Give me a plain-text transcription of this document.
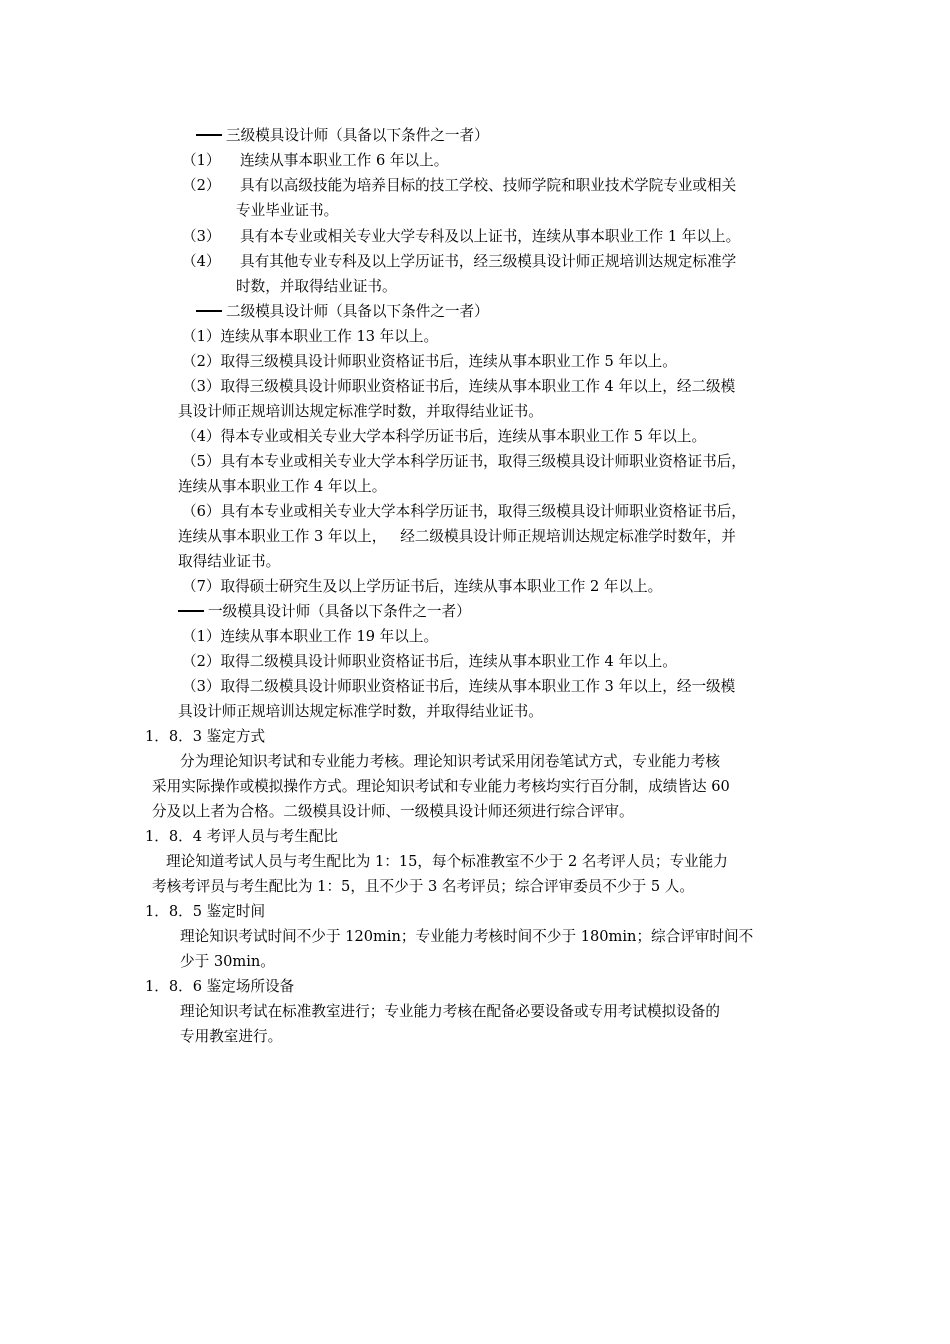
三级模具设计师（具备以下条件之一者）
（1）	连续从事本职业工作 6 年以上。
（2）	具有以高级技能为培养目标的技工学校、技师学院和职业技术学院专业或相关
专业毕业证书。
（3）	具有本专业或相关专业大学专科及以上证书，连续从事本职业工作 1 年以上。
（4）	具有其他专业专科及以上学历证书，经三级模具设计师正规培训达规定标准学
时数，并取得结业证书。
二级模具设计师（具备以下条件之一者）
（1）连续从事本职业工作 13 年以上。
（2）取得三级模具设计师职业资格证书后，连续从事本职业工作 5 年以上。
（3）取得三级模具设计师职业资格证书后，连续从事本职业工作 4 年以上，经二级模
具设计师正规培训达规定标准学时数，并取得结业证书。
（4）得本专业或相关专业大学本科学历证书后，连续从事本职业工作 5 年以上。
（5）具有本专业或相关专业大学本科学历证书，取得三级模具设计师职业资格证书后，
连续从事本职业工作 4 年以上。
（6）具有本专业或相关专业大学本科学历证书，取得三级模具设计师职业资格证书后，
连续从事本职业工作 3 年以上，   经二级模具设计师正规培训达规定标准学时数年，并
取得结业证书。
（7）取得硕士研究生及以上学历证书后，连续从事本职业工作 2 年以上。
一级模具设计师（具备以下条件之一者）
（1）连续从事本职业工作 19 年以上。
（2）取得二级模具设计师职业资格证书后，连续从事本职业工作 4 年以上。
（3）取得二级模具设计师职业资格证书后，连续从事本职业工作 3 年以上，经一级模
具设计师正规培训达规定标准学时数，并取得结业证书。
1．8．3 鉴定方式
分为理论知识考试和专业能力考核。理论知识考试采用闭卷笔试方式，专业能力考核
采用实际操作或模拟操作方式。理论知识考试和专业能力考核均实行百分制，成绩皆达 60
分及以上者为合格。二级模具设计师、一级模具设计师还须进行综合评审。
1．8．4 考评人员与考生配比
理论知道考试人员与考生配比为 1：15，每个标准教室不少于 2 名考评人员；专业能力
考核考评员与考生配比为 1：5，且不少于 3 名考评员；综合评审委员不少于 5 人。
1．8．5 鉴定时间
理论知识考试时间不少于 120min；专业能力考核时间不少于 180min；综合评审时间不
少于 30min。
1．8．6 鉴定场所设备
理论知识考试在标准教室进行；专业能力考核在配备必要设备或专用考试模拟设备的
专用教室进行。
